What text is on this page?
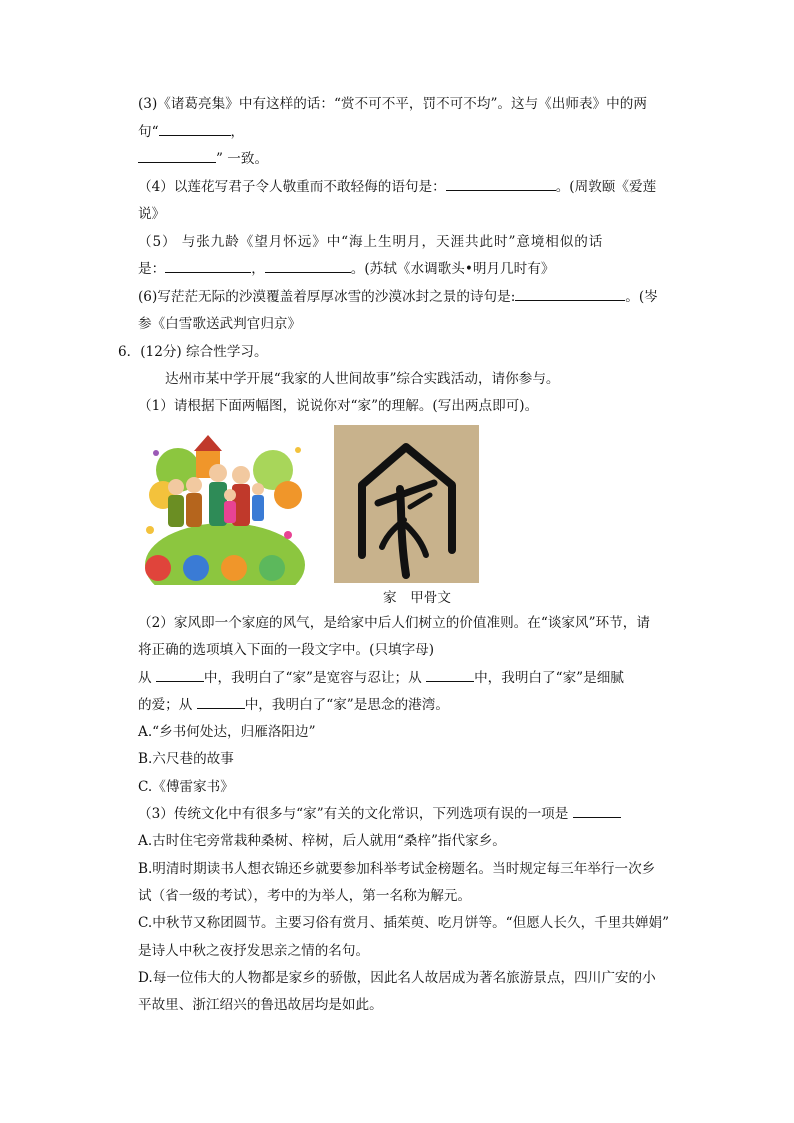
(3)《诸葛亮集》中有这样的话：“赏不可不平，罚不可不均”。这与《出师表》中的两
句“	，
” 一致。
（4）以莲花写君子令人敬重而不敢轻侮的语句是：	。(周敦颐《爱莲
说》
（5） 与张九龄《望月怀远》中“海上生明月，天涯共此时”意境相似的话
是：	，	。(苏轼《水调歌头•明月几时有》
(6)写茫茫无际的沙漠覆盖着厚厚冰雪的沙漠冰封之景的诗句是:	。(岑
参《白雪歌送武判官归京》
6．(12分) 综合性学习。
达州市某中学开展“我家的人世间故事”综合实践活动，请你参与。
（1）请根据下面两幅图，说说你对“家”的理解。(写出两点即可)。
家　甲骨文
（2）家风即一个家庭的风气，是给家中后人们树立的价值准则。在“谈家风”环节，请
将正确的选项填入下面的一段文字中。(只填字母)
从	中，我明白了“家”是宽容与忍让；从	中，我明白了“家”是细腻
的爱；从	中，我明白了“家”是思念的港湾。
A.“乡书何处达，归雁洛阳边”
B.六尺巷的故事
C.《傅雷家书》
（3）传统文化中有很多与“家”有关的文化常识，下列选项有误的一项是
A.古时住宅旁常栽种桑树、梓树，后人就用“桑梓”指代家乡。
B.明清时期读书人想衣锦还乡就要参加科举考试金榜题名。当时规定每三年举行一次乡
试（省一级的考试），考中的为举人，第一名称为解元。
C.中秋节又称团圆节。主要习俗有赏月、插茱萸、吃月饼等。“但愿人长久，千里共婵娟”
是诗人中秋之夜抒发思亲之情的名句。
D.每一位伟大的人物都是家乡的骄傲，因此名人故居成为著名旅游景点，四川广安的小
平故里、浙江绍兴的鲁迅故居均是如此。
